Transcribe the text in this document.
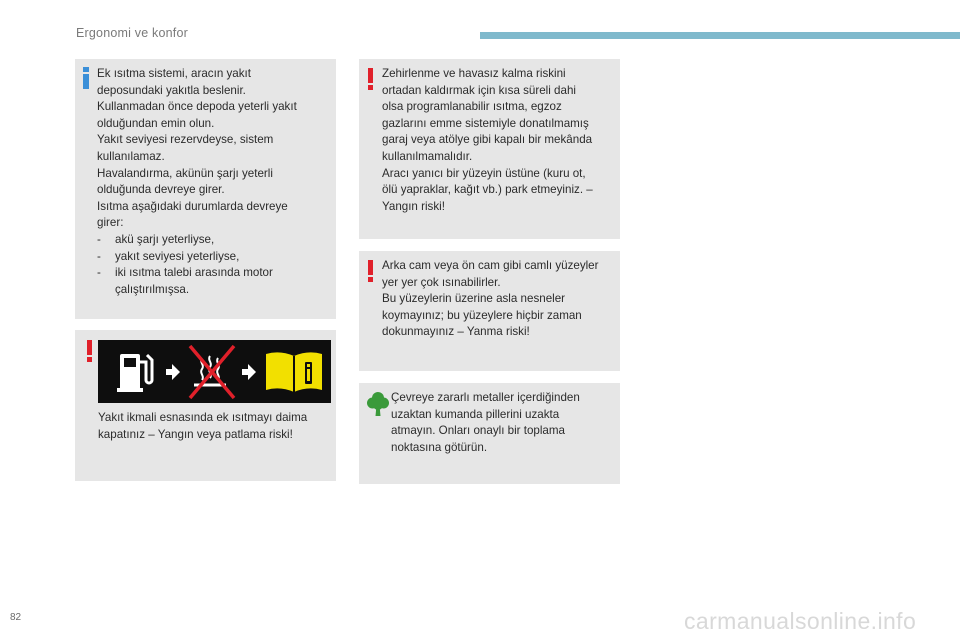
Ergonomi ve konfor

Ek ısıtma sistemi, aracın yakıt

deposundaki yakıtla beslenir.

Kullanmadan önce depoda yeterli yakıt

olduğundan emin olun.

Yakıt seviyesi rezervdeyse, sistem

kullanılamaz.

Havalandırma, akünün şarjı yeterli

olduğunda devreye girer.

Isıtma aşağıdaki durumlarda devreye

girer:

- akü şarjı yeterliyse,
- yakıt seviyesi yeterliyse,
- iki ısıtma talebi arasında motor çalıştırılmışsa.

Yakıt ikmali esnasında ek ısıtmayı daima kapatınız – Yangın veya patlama riski!

Zehirlenme ve havasız kalma riskini

ortadan kaldırmak için kısa süreli dahi

olsa programlanabilir ısıtma, egzoz

gazlarını emme sistemiyle donatılmamış

garaj veya atölye gibi kapalı bir mekânda

kullanılmamalıdır.

Aracı yanıcı bir yüzeyin üstüne (kuru ot,

ölü yapraklar, kağıt vb.) park etmeyiniz. –

Yangın riski!

Arka cam veya ön cam gibi camlı yüzeyler

yer yer çok ısınabilirler.

Bu yüzeylerin üzerine asla nesneler

koymayınız; bu yüzeylere hiçbir zaman

dokunmayınız – Yanma riski!

Çevreye zararlı metaller içerdiğinden

uzaktan kumanda pillerini uzakta

atmayın. Onları onaylı bir toplama

noktasına götürün.

82	carmanualsonline.info
